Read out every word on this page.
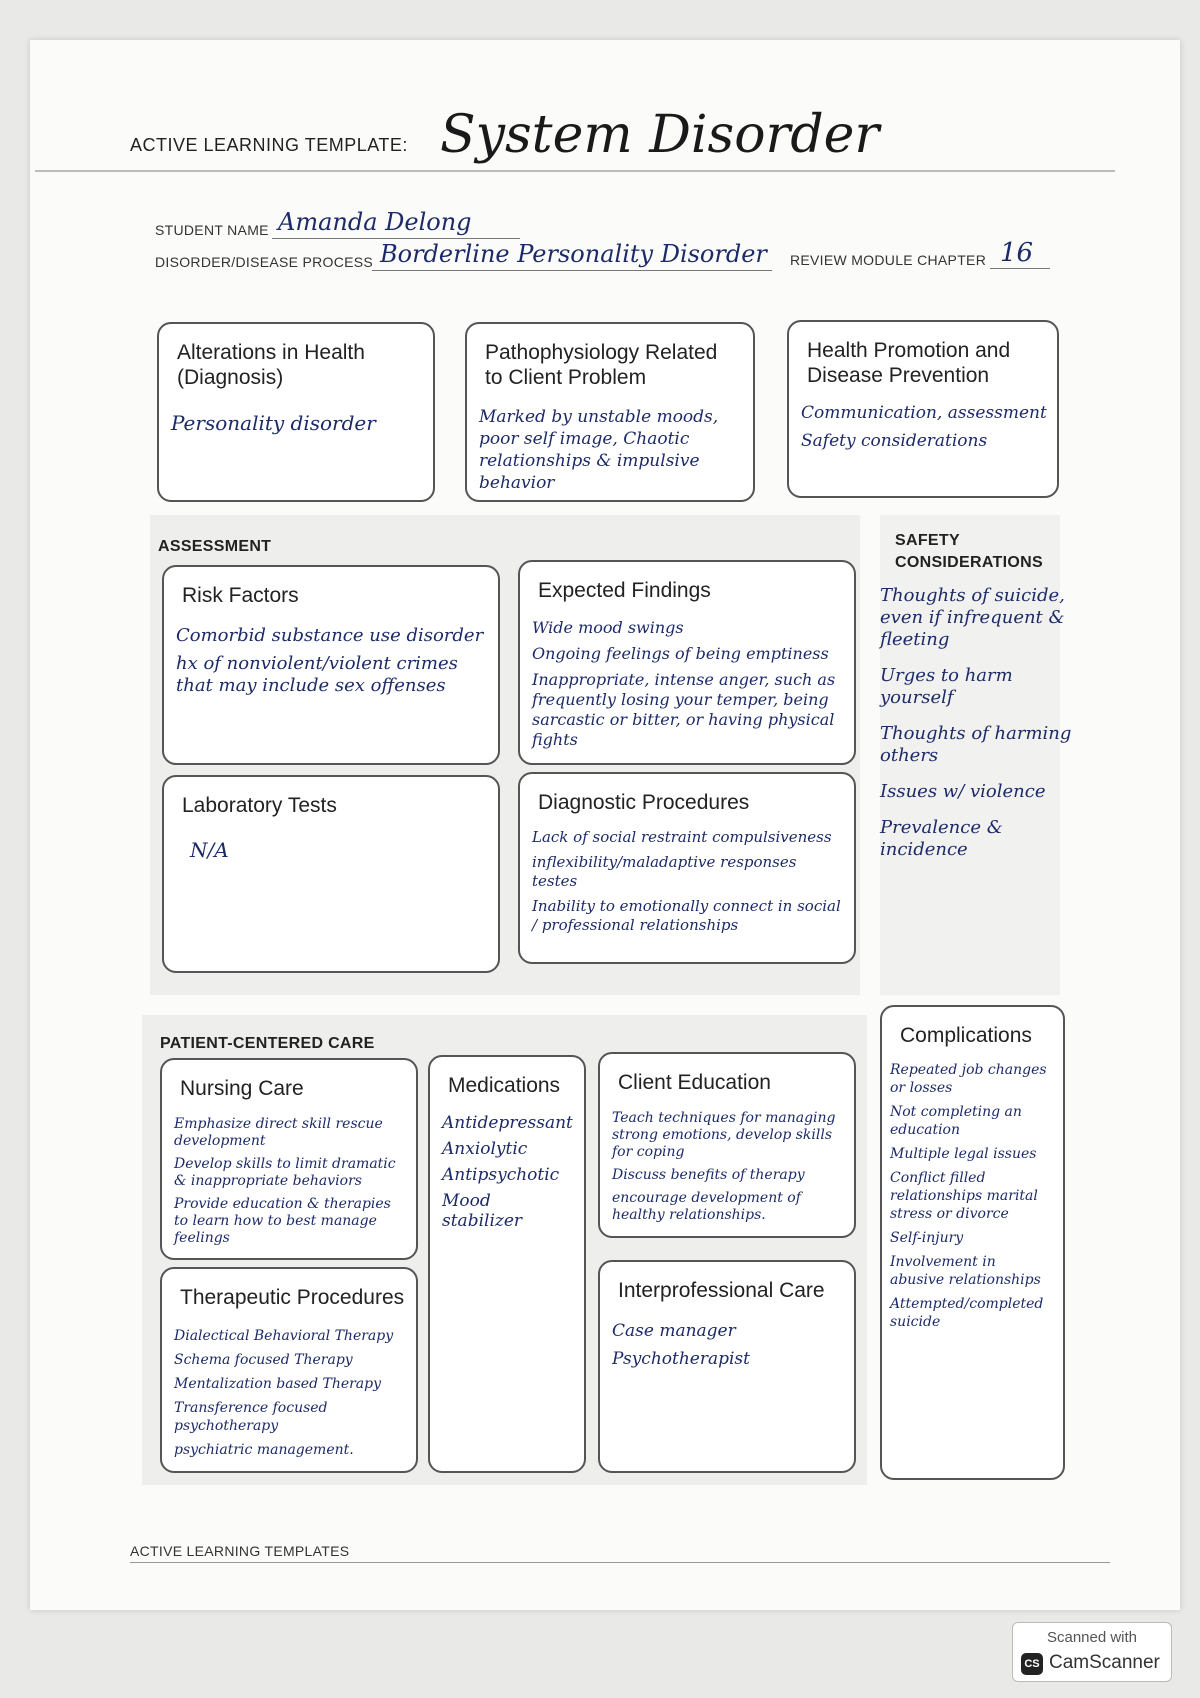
ACTIVE LEARNING TEMPLATE: System Disorder
STUDENT NAME Amanda Delong
DISORDER/DISEASE PROCESS Borderline Personality Disorder REVIEW MODULE CHAPTER 16
Alterations in Health (Diagnosis)
Personality disorder
Pathophysiology Related to Client Problem
Marked by unstable moods, poor self image, Chaotic relationships & impulsive behavior
Health Promotion and Disease Prevention
Communication, assessment
Safety considerations
ASSESSMENT
Risk Factors
Comorbid substance use disorder
hx of nonviolent/violent crimes that may include sex offenses
Expected Findings
Wide mood swings
Ongoing feelings of being emptiness
Inappropriate, intense anger, such as frequently losing your temper, being sarcastic or bitter, or having physical fights
Laboratory Tests
N/A
Diagnostic Procedures
Lack of social restraint compulsiveness
inflexibility/maladaptive responses testes
Inability to emotionally connect in social / professional relationships
SAFETY CONSIDERATIONS
Thoughts of suicide, even if infrequent & fleeting
Urges to harm yourself
Thoughts of harming others
Issues w/ violence
Prevalence & incidence
PATIENT-CENTERED CARE
Nursing Care
Emphasize direct skill rescue development
Develop skills to limit dramatic & inappropriate behaviors
Provide education & therapies to learn how to best manage feelings
Medications
Antidepressant
Anxiolytic
Antipsychotic
Mood stabilizer
Client Education
Teach techniques for managing strong emotions, develop skills for coping
Discuss benefits of therapy
encourage development of healthy relationships.
Therapeutic Procedures
Dialectical Behavioral Therapy
Schema focused Therapy
Mentalization based Therapy
Transference focused psychotherapy
psychiatric management.
Interprofessional Care
Case manager
Psychotherapist
Complications
Repeated job changes or losses
Not completing an education
Multiple legal issues
Conflict filled relationships marital stress or divorce
Self-injury
Involvement in abusive relationships
Attempted/completed suicide
ACTIVE LEARNING TEMPLATES
Scanned with
CS CamScanner
